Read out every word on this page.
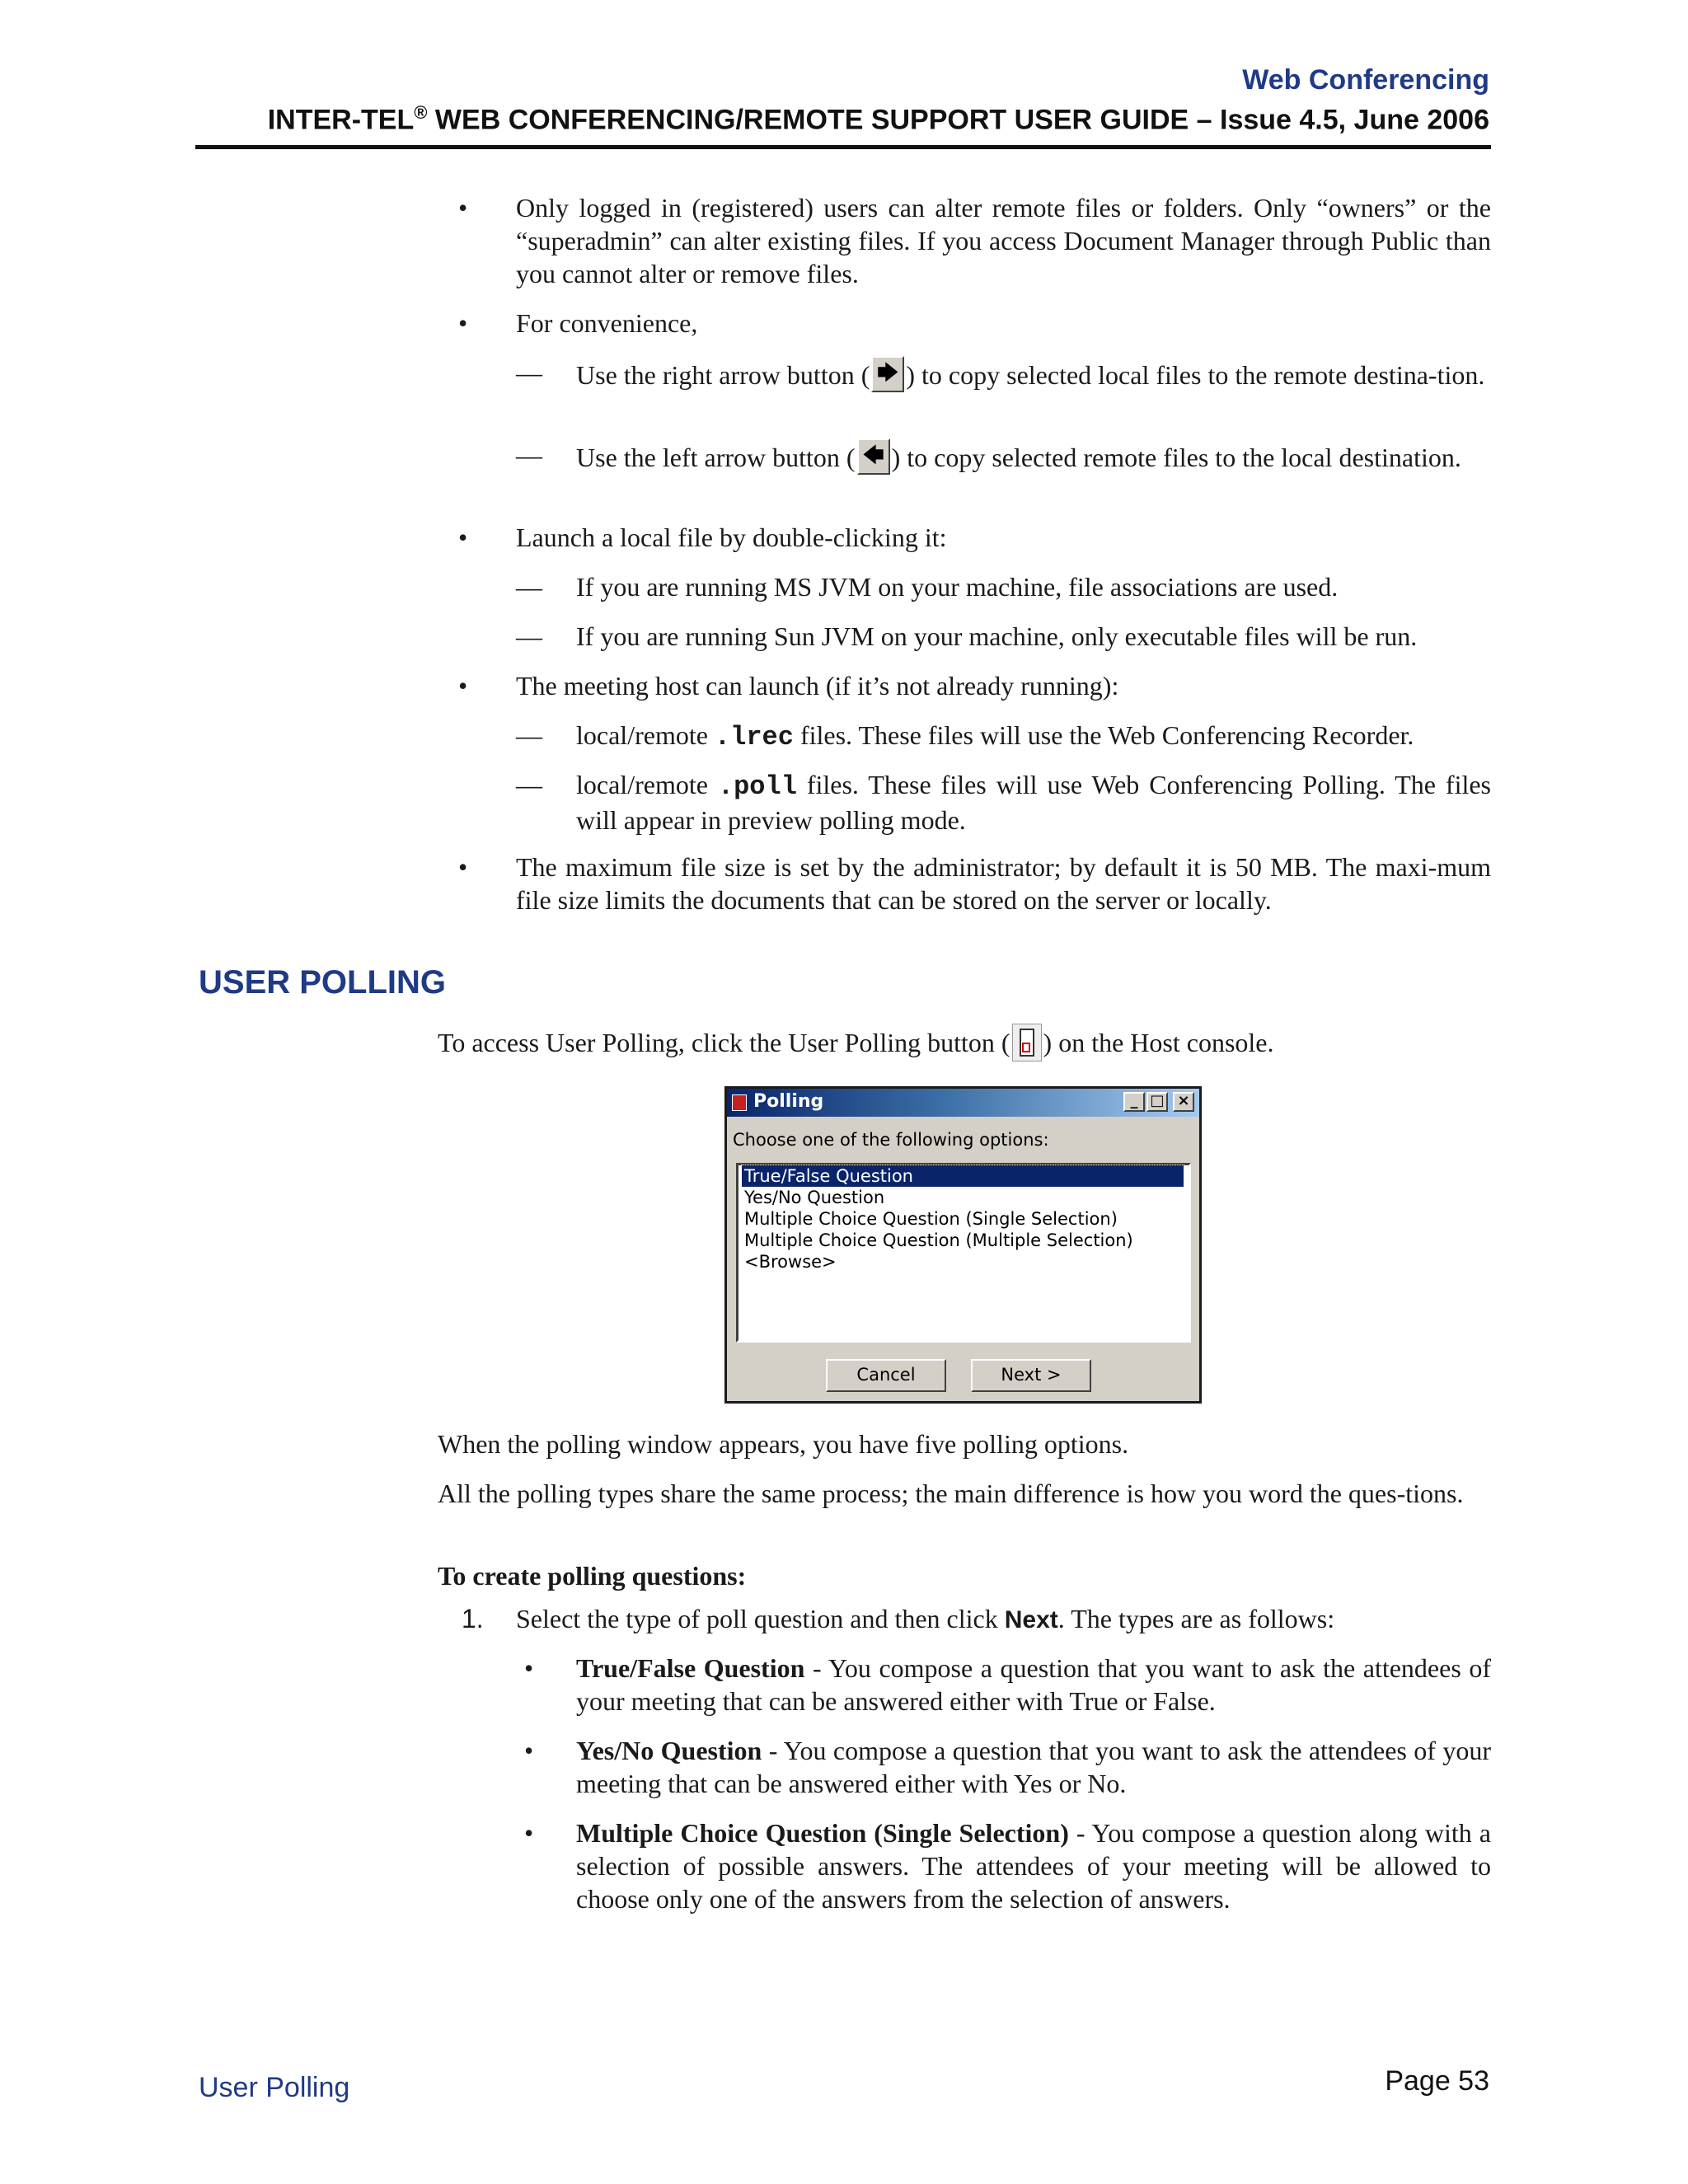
Web Conferencing
INTER-TEL® WEB CONFERENCING/REMOTE SUPPORT USER GUIDE – Issue 4.5, June 2006
• Only logged in (registered) users can alter remote files or folders. Only “owners” or the “superadmin” can alter existing files. If you access Document Manager through Public than you cannot alter or remove files.
• For convenience,
— Use the right arrow button ( 🡆 ) to copy selected local files to the remote destina-tion.
— Use the left arrow button ( 🡄 ) to copy selected remote files to the local destination.
• Launch a local file by double-clicking it:
— If you are running MS JVM on your machine, file associations are used.
— If you are running Sun JVM on your machine, only executable files will be run.
• The meeting host can launch (if it’s not already running):
— local/remote .lrec files. These files will use the Web Conferencing Recorder.
— local/remote .poll files. These files will use Web Conferencing Polling. The files will appear in preview polling mode.
• The maximum file size is set by the administrator; by default it is 50 MB. The maxi-mum file size limits the documents that can be stored on the server or locally.
USER POLLING
To access User Polling, click the User Polling button ( ) on the Host console.
Polling	_ □ ×
Choose one of the following options:
True/False Question
Yes/No Question
Multiple Choice Question (Single Selection)
Multiple Choice Question (Multiple Selection)
<Browse>
Cancel	Next >
When the polling window appears, you have five polling options.
All the polling types share the same process; the main difference is how you word the ques-tions.
To create polling questions:
1. Select the type of poll question and then click Next. The types are as follows:
• True/False Question - You compose a question that you want to ask the attendees of your meeting that can be answered either with True or False.
• Yes/No Question - You compose a question that you want to ask the attendees of your meeting that can be answered either with Yes or No.
• Multiple Choice Question (Single Selection) - You compose a question along with a selection of possible answers. The attendees of your meeting will be allowed to choose only one of the answers from the selection of answers.
User Polling	Page 53
